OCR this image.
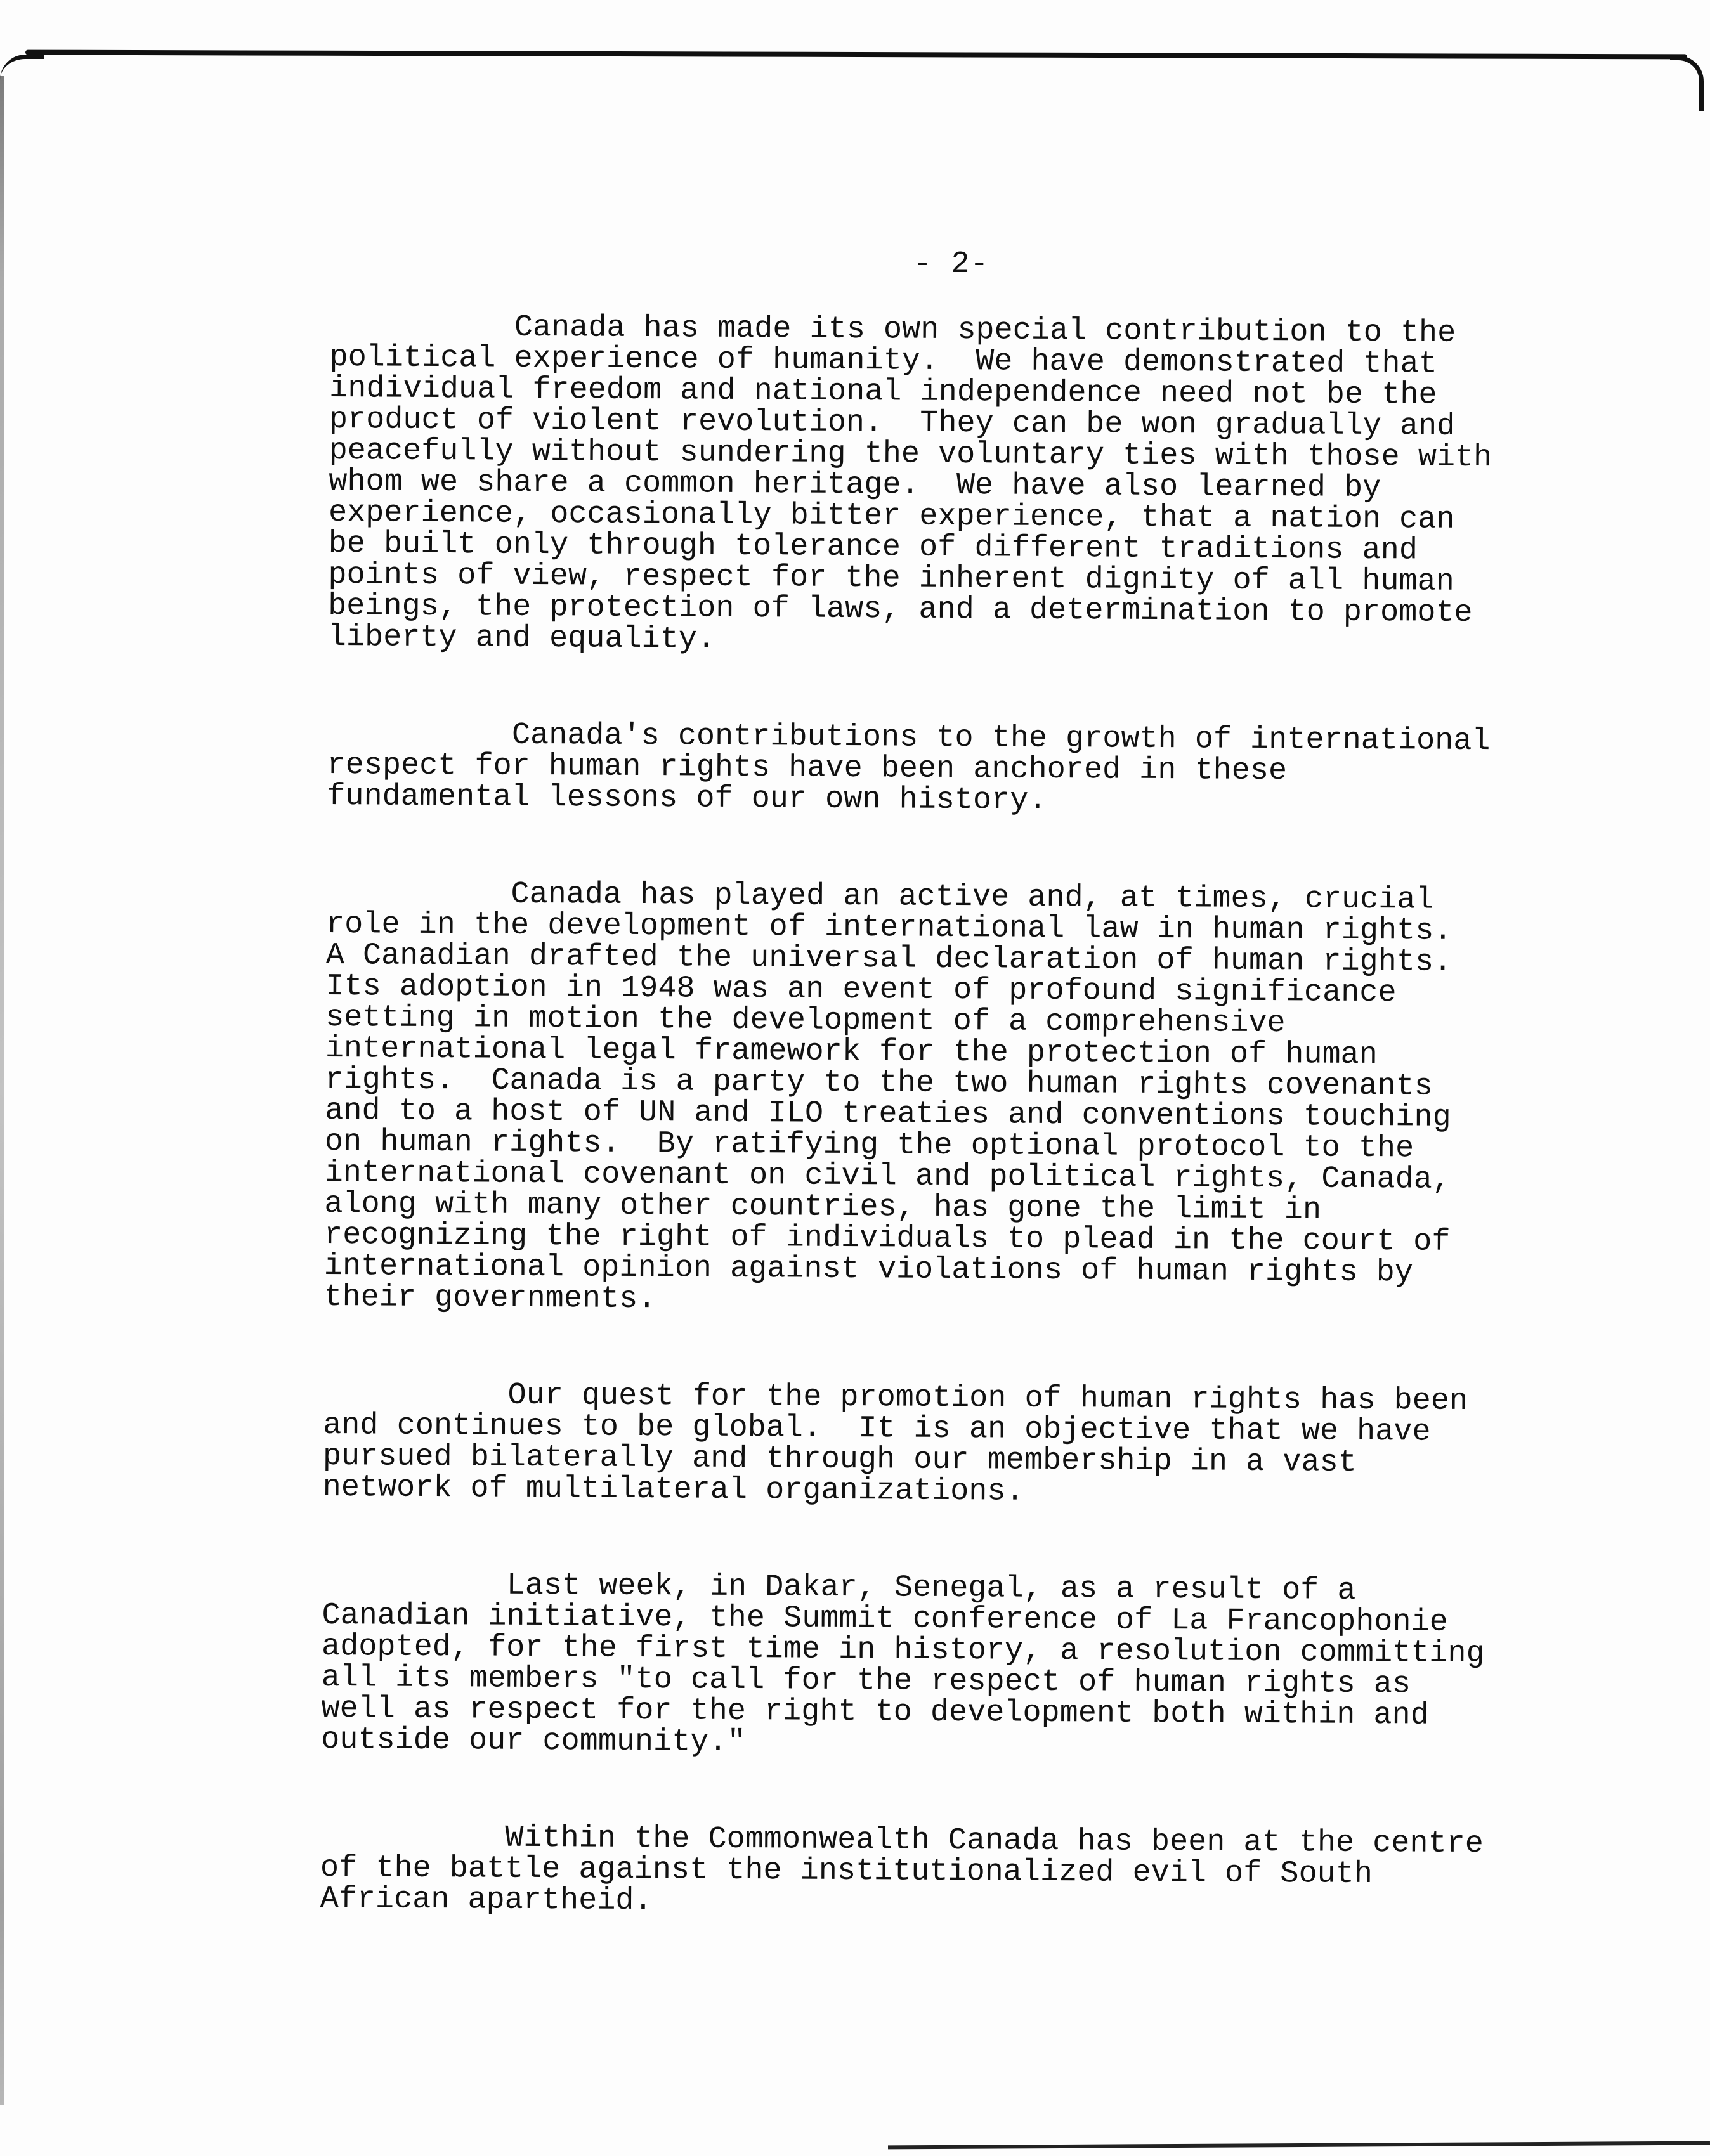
- 2-
Canada has made its own special contribution to the
political experience of humanity.  We have demonstrated that
individual freedom and national independence need not be the
product of violent revolution.  They can be won gradually and
peacefully without sundering the voluntary ties with those with
whom we share a common heritage.  We have also learned by
experience, occasionally bitter experience, that a nation can
be built only through tolerance of different traditions and
points of view, respect for the inherent dignity of all human
beings, the protection of laws, and a determination to promote
liberty and equality.
Canada's contributions to the growth of international
respect for human rights have been anchored in these
fundamental lessons of our own history.
Canada has played an active and, at times, crucial
role in the development of international law in human rights.
A Canadian drafted the universal declaration of human rights.
Its adoption in 1948 was an event of profound significance
setting in motion the development of a comprehensive
international legal framework for the protection of human
rights.  Canada is a party to the two human rights covenants
and to a host of UN and ILO treaties and conventions touching
on human rights.  By ratifying the optional protocol to the
international covenant on civil and political rights, Canada,
along with many other countries, has gone the limit in
recognizing the right of individuals to plead in the court of
international opinion against violations of human rights by
their governments.
Our quest for the promotion of human rights has been
and continues to be global.  It is an objective that we have
pursued bilaterally and through our membership in a vast
network of multilateral organizations.
Last week, in Dakar, Senegal, as a result of a
Canadian initiative, the Summit conference of La Francophonie
adopted, for the first time in history, a resolution committing
all its members "to call for the respect of human rights as
well as respect for the right to development both within and
outside our community."
Within the Commonwealth Canada has been at the centre
of the battle against the institutionalized evil of South
African apartheid.
